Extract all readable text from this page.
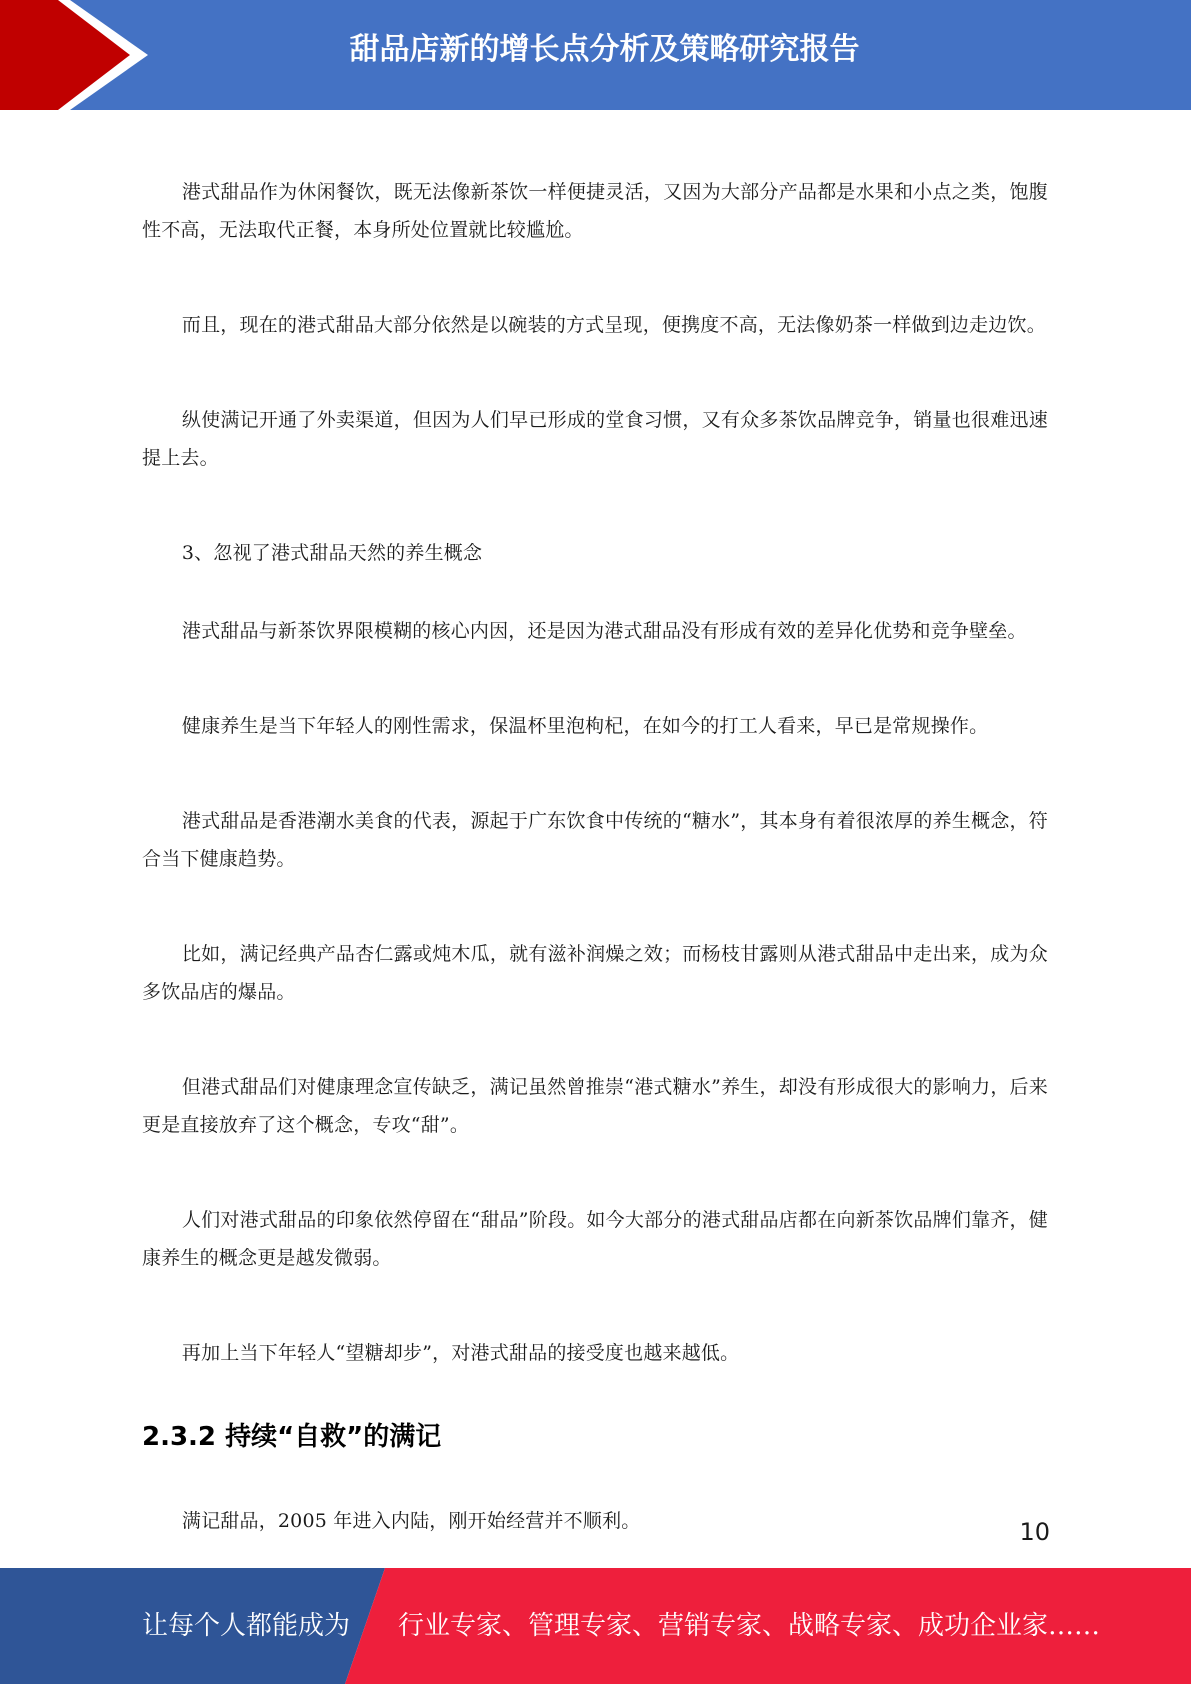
甜品店新的增长点分析及策略研究报告

港式甜品作为休闲餐饮，既无法像新茶饮一样便捷灵活，又因为大部分产品都是水果和小点之类，饱腹性不高，无法取代正餐，本身所处位置就比较尴尬。

而且，现在的港式甜品大部分依然是以碗装的方式呈现，便携度不高，无法像奶茶一样做到边走边饮。

纵使满记开通了外卖渠道，但因为人们早已形成的堂食习惯，又有众多茶饮品牌竞争，销量也很难迅速提上去。

3、忽视了港式甜品天然的养生概念

港式甜品与新茶饮界限模糊的核心内因，还是因为港式甜品没有形成有效的差异化优势和竞争壁垒。

健康养生是当下年轻人的刚性需求，保温杯里泡枸杞，在如今的打工人看来，早已是常规操作。

港式甜品是香港潮水美食的代表，源起于广东饮食中传统的“糖水”，其本身有着很浓厚的养生概念，符合当下健康趋势。

比如，满记经典产品杏仁露或炖木瓜，就有滋补润燥之效；而杨枝甘露则从港式甜品中走出来，成为众多饮品店的爆品。

但港式甜品们对健康理念宣传缺乏，满记虽然曾推崇“港式糖水”养生，却没有形成很大的影响力，后来更是直接放弃了这个概念，专攻“甜”。

人们对港式甜品的印象依然停留在“甜品”阶段。如今大部分的港式甜品店都在向新茶饮品牌们靠齐，健康养生的概念更是越发微弱。

再加上当下年轻人“望糖却步”，对港式甜品的接受度也越来越低。

2.3.2 持续“自救”的满记

满记甜品，2005 年进入内陆，刚开始经营并不顺利。	10
让每个人都能成为 行业专家、管理专家、营销专家、战略专家、成功企业家……
